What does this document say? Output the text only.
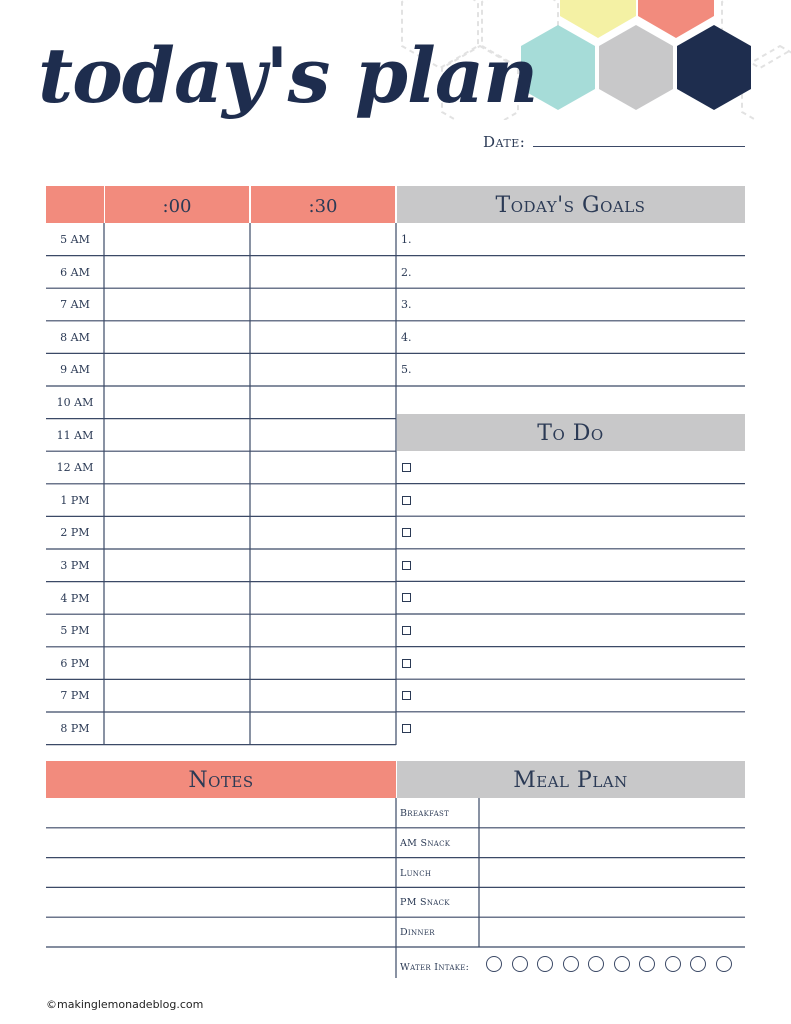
today's plan
Date:
:00	:30
5 AM
6 AM
7 AM
8 AM
9 AM
10 AM
11 AM
12 AM
1 PM
2 PM
3 PM
4 PM
5 PM
6 PM
7 PM
8 PM
Today's Goals
1.
2.
3.
4.
5.
To Do
Notes	Meal Plan
Breakfast
AM Snack
Lunch
PM Snack
Dinner
Water Intake:
©makinglemonadeblog.com
